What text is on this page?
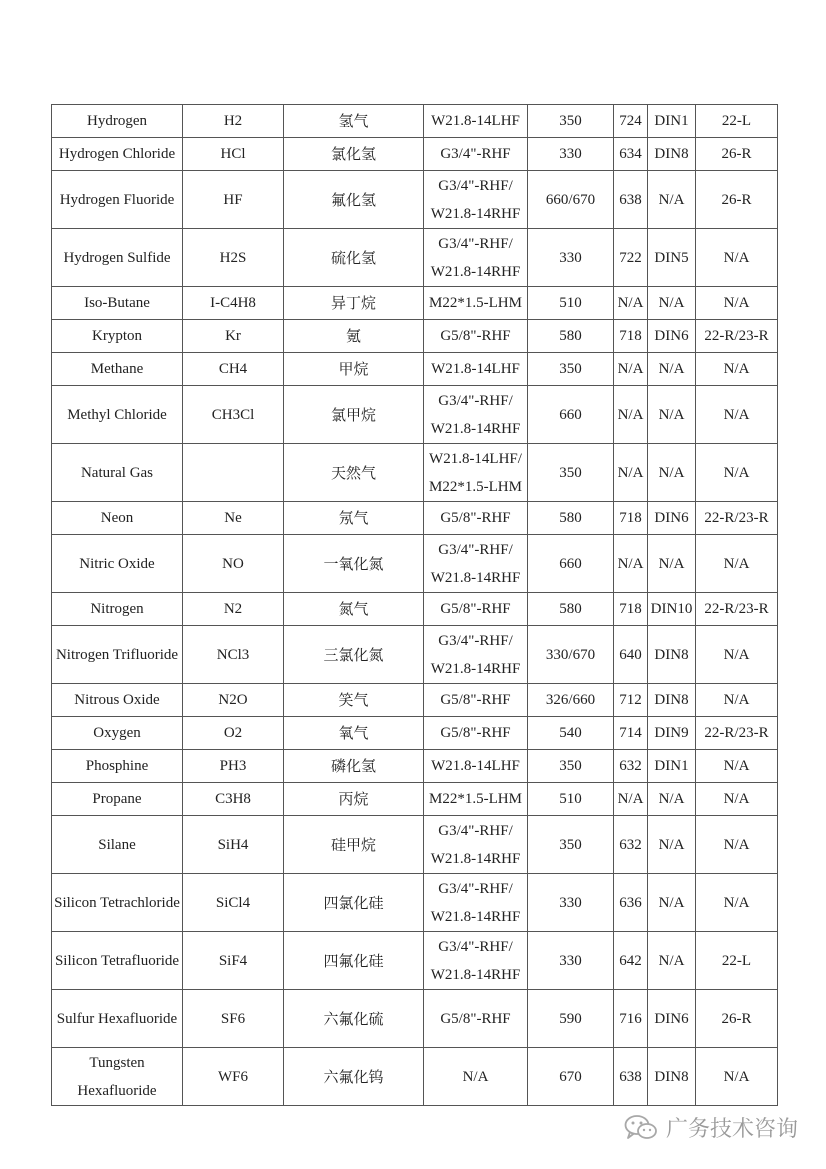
Hydrogen	H2	氢气	W21.8-14LHF	350	724	DIN1	22-L
Hydrogen Chloride	HCl	氯化氢	G3/4"-RHF	330	634	DIN8	26-R
Hydrogen Fluoride	HF	氟化氢	G3/4"-RHF/ W21.8-14RHF	660/670	638	N/A	26-R
Hydrogen Sulfide	H2S	硫化氢	G3/4"-RHF/ W21.8-14RHF	330	722	DIN5	N/A
Iso-Butane	I-C4H8	异丁烷	M22*1.5-LHM	510	N/A	N/A	N/A
Krypton	Kr	氪	G5/8"-RHF	580	718	DIN6	22-R/23-R
Methane	CH4	甲烷	W21.8-14LHF	350	N/A	N/A	N/A
Methyl Chloride	CH3Cl	氯甲烷	G3/4"-RHF/ W21.8-14RHF	660	N/A	N/A	N/A
Natural Gas		天然气	W21.8-14LHF/ M22*1.5-LHM	350	N/A	N/A	N/A
Neon	Ne	氖气	G5/8"-RHF	580	718	DIN6	22-R/23-R
Nitric Oxide	NO	一氧化氮	G3/4"-RHF/ W21.8-14RHF	660	N/A	N/A	N/A
Nitrogen	N2	氮气	G5/8"-RHF	580	718	DIN10	22-R/23-R
Nitrogen Trifluoride	NCl3	三氯化氮	G3/4"-RHF/ W21.8-14RHF	330/670	640	DIN8	N/A
Nitrous Oxide	N2O	笑气	G5/8"-RHF	326/660	712	DIN8	N/A
Oxygen	O2	氧气	G5/8"-RHF	540	714	DIN9	22-R/23-R
Phosphine	PH3	磷化氢	W21.8-14LHF	350	632	DIN1	N/A
Propane	C3H8	丙烷	M22*1.5-LHM	510	N/A	N/A	N/A
Silane	SiH4	硅甲烷	G3/4"-RHF/ W21.8-14RHF	350	632	N/A	N/A
Silicon Tetrachloride	SiCl4	四氯化硅	G3/4"-RHF/ W21.8-14RHF	330	636	N/A	N/A
Silicon Tetrafluoride	SiF4	四氟化硅	G3/4"-RHF/ W21.8-14RHF	330	642	N/A	22-L
Sulfur Hexafluoride	SF6	六氟化硫	G5/8"-RHF	590	716	DIN6	26-R
Tungsten Hexafluoride	WF6	六氟化钨	N/A	670	638	DIN8	N/A
广务技术咨询
